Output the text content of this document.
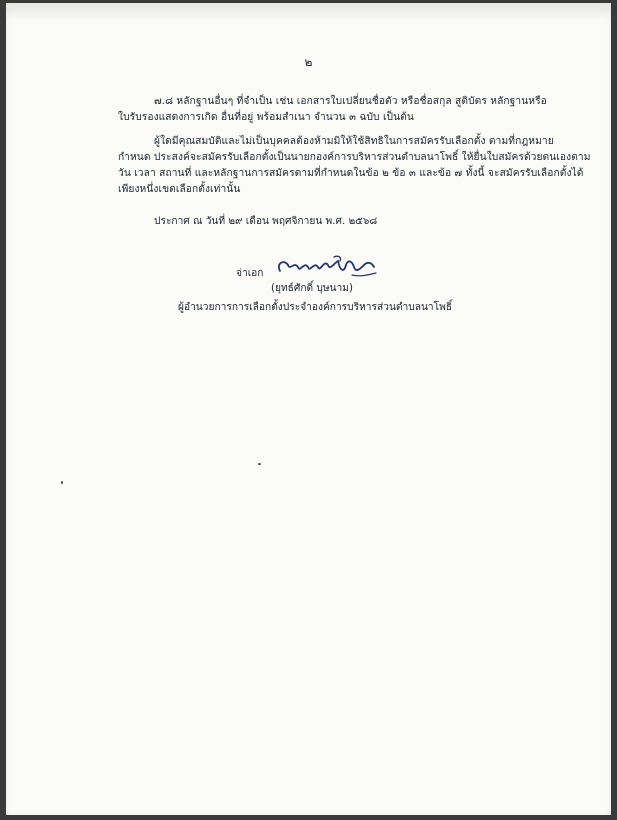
๒
๗.๘ หลักฐานอื่นๆ ที่จำเป็น เช่น เอกสารใบเปลี่ยนชื่อตัว หรือชื่อสกุล สูติบัตร หลักฐานหรือ
ใบรับรองแสดงการเกิด อื่นที่อยู่ พร้อมสำเนา จำนวน ๓ ฉบับ เป็นต้น
ผู้ใดมีคุณสมบัติและไม่เป็นบุคคลต้องห้ามมิให้ใช้สิทธิในการสมัครรับเลือกตั้ง ตามที่กฎหมาย
กำหนด ประสงค์จะสมัครรับเลือกตั้งเป็นนายกองค์การบริหารส่วนตำบลนาโพธิ์ ให้ยื่นใบสมัครด้วยตนเองตาม
วัน เวลา สถานที่ และหลักฐานการสมัครตามที่กำหนดในข้อ ๒ ข้อ ๓ และข้อ ๗ ทั้งนี้ จะสมัครรับเลือกตั้งได้
เพียงหนึ่งเขตเลือกตั้งเท่านั้น
ประกาศ ณ วันที่ ๒๙ เดือน พฤศจิกายน พ.ศ. ๒๕๖๘
จ่าเอก
(ยุทธ์ศักดิ์ บุษนาม)
ผู้อำนวยการการเลือกตั้งประจำองค์การบริหารส่วนตำบลนาโพธิ์
